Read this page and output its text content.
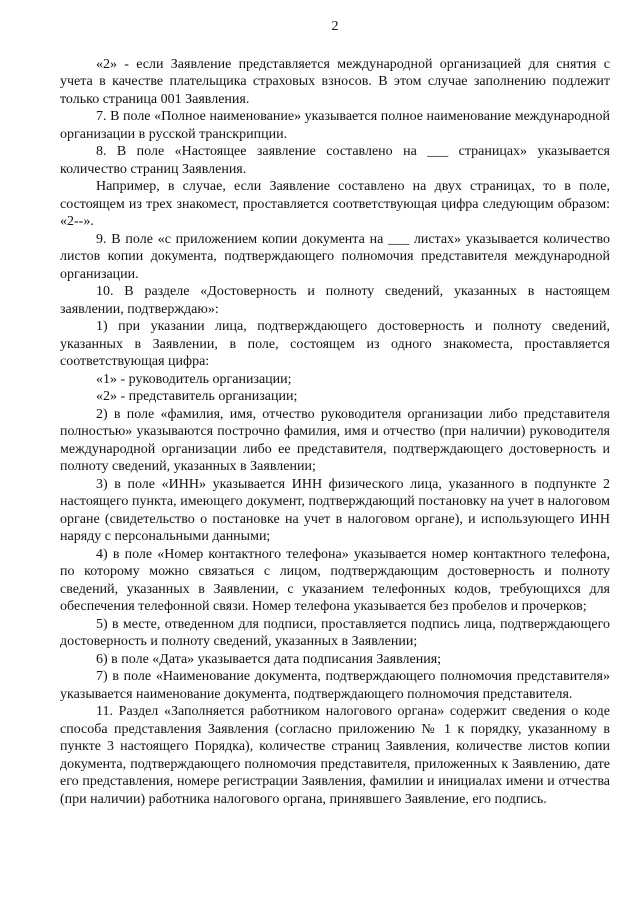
2

«2» - если Заявление представляется международной организацией для снятия с учета в качестве плательщика страховых взносов. В этом случае заполнению подлежит только страница 001 Заявления.

7. В поле «Полное наименование» указывается полное наименование международной организации в русской транскрипции.

8. В поле «Настоящее заявление составлено на ___ страницах» указывается количество страниц Заявления.

Например, в случае, если Заявление составлено на двух страницах, то в поле, состоящем из трех знакомест, проставляется соответствующая цифра следующим образом: «2--».

9. В поле «с приложением копии документа на ___ листах» указывается количество листов копии документа, подтверждающего полномочия представителя международной организации.

10. В разделе «Достоверность и полноту сведений, указанных в настоящем заявлении, подтверждаю»:

1) при указании лица, подтверждающего достоверность и полноту сведений, указанных в Заявлении, в поле, состоящем из одного знакоместа, проставляется соответствующая цифра:

«1» - руководитель организации;

«2» - представитель организации;

2) в поле «фамилия, имя, отчество руководителя организации либо представителя полностью» указываются построчно фамилия, имя и отчество (при наличии) руководителя международной организации либо ее представителя, подтверждающего достоверность и полноту сведений, указанных в Заявлении;

3) в поле «ИНН» указывается ИНН физического лица, указанного в подпункте 2 настоящего пункта, имеющего документ, подтверждающий постановку на учет в налоговом органе (свидетельство о постановке на учет в налоговом органе), и использующего ИНН наряду с персональными данными;

4) в поле «Номер контактного телефона» указывается номер контактного телефона, по которому можно связаться с лицом, подтверждающим достоверность и полноту сведений, указанных в Заявлении, с указанием телефонных кодов, требующихся для обеспечения телефонной связи. Номер телефона указывается без пробелов и прочерков;

5) в месте, отведенном для подписи, проставляется подпись лица, подтверждающего достоверность и полноту сведений, указанных в Заявлении;

6) в поле «Дата» указывается дата подписания Заявления;

7) в поле «Наименование документа, подтверждающего полномочия представителя» указывается наименование документа, подтверждающего полномочия представителя.

11. Раздел «Заполняется работником налогового органа» содержит сведения о коде способа представления Заявления (согласно приложению № 1 к порядку, указанному в пункте 3 настоящего Порядка), количестве страниц Заявления, количестве листов копии документа, подтверждающего полномочия представителя, приложенных к Заявлению, дате его представления, номере регистрации Заявления, фамилии и инициалах имени и отчества (при наличии) работника налогового органа, принявшего Заявление, его подпись.
